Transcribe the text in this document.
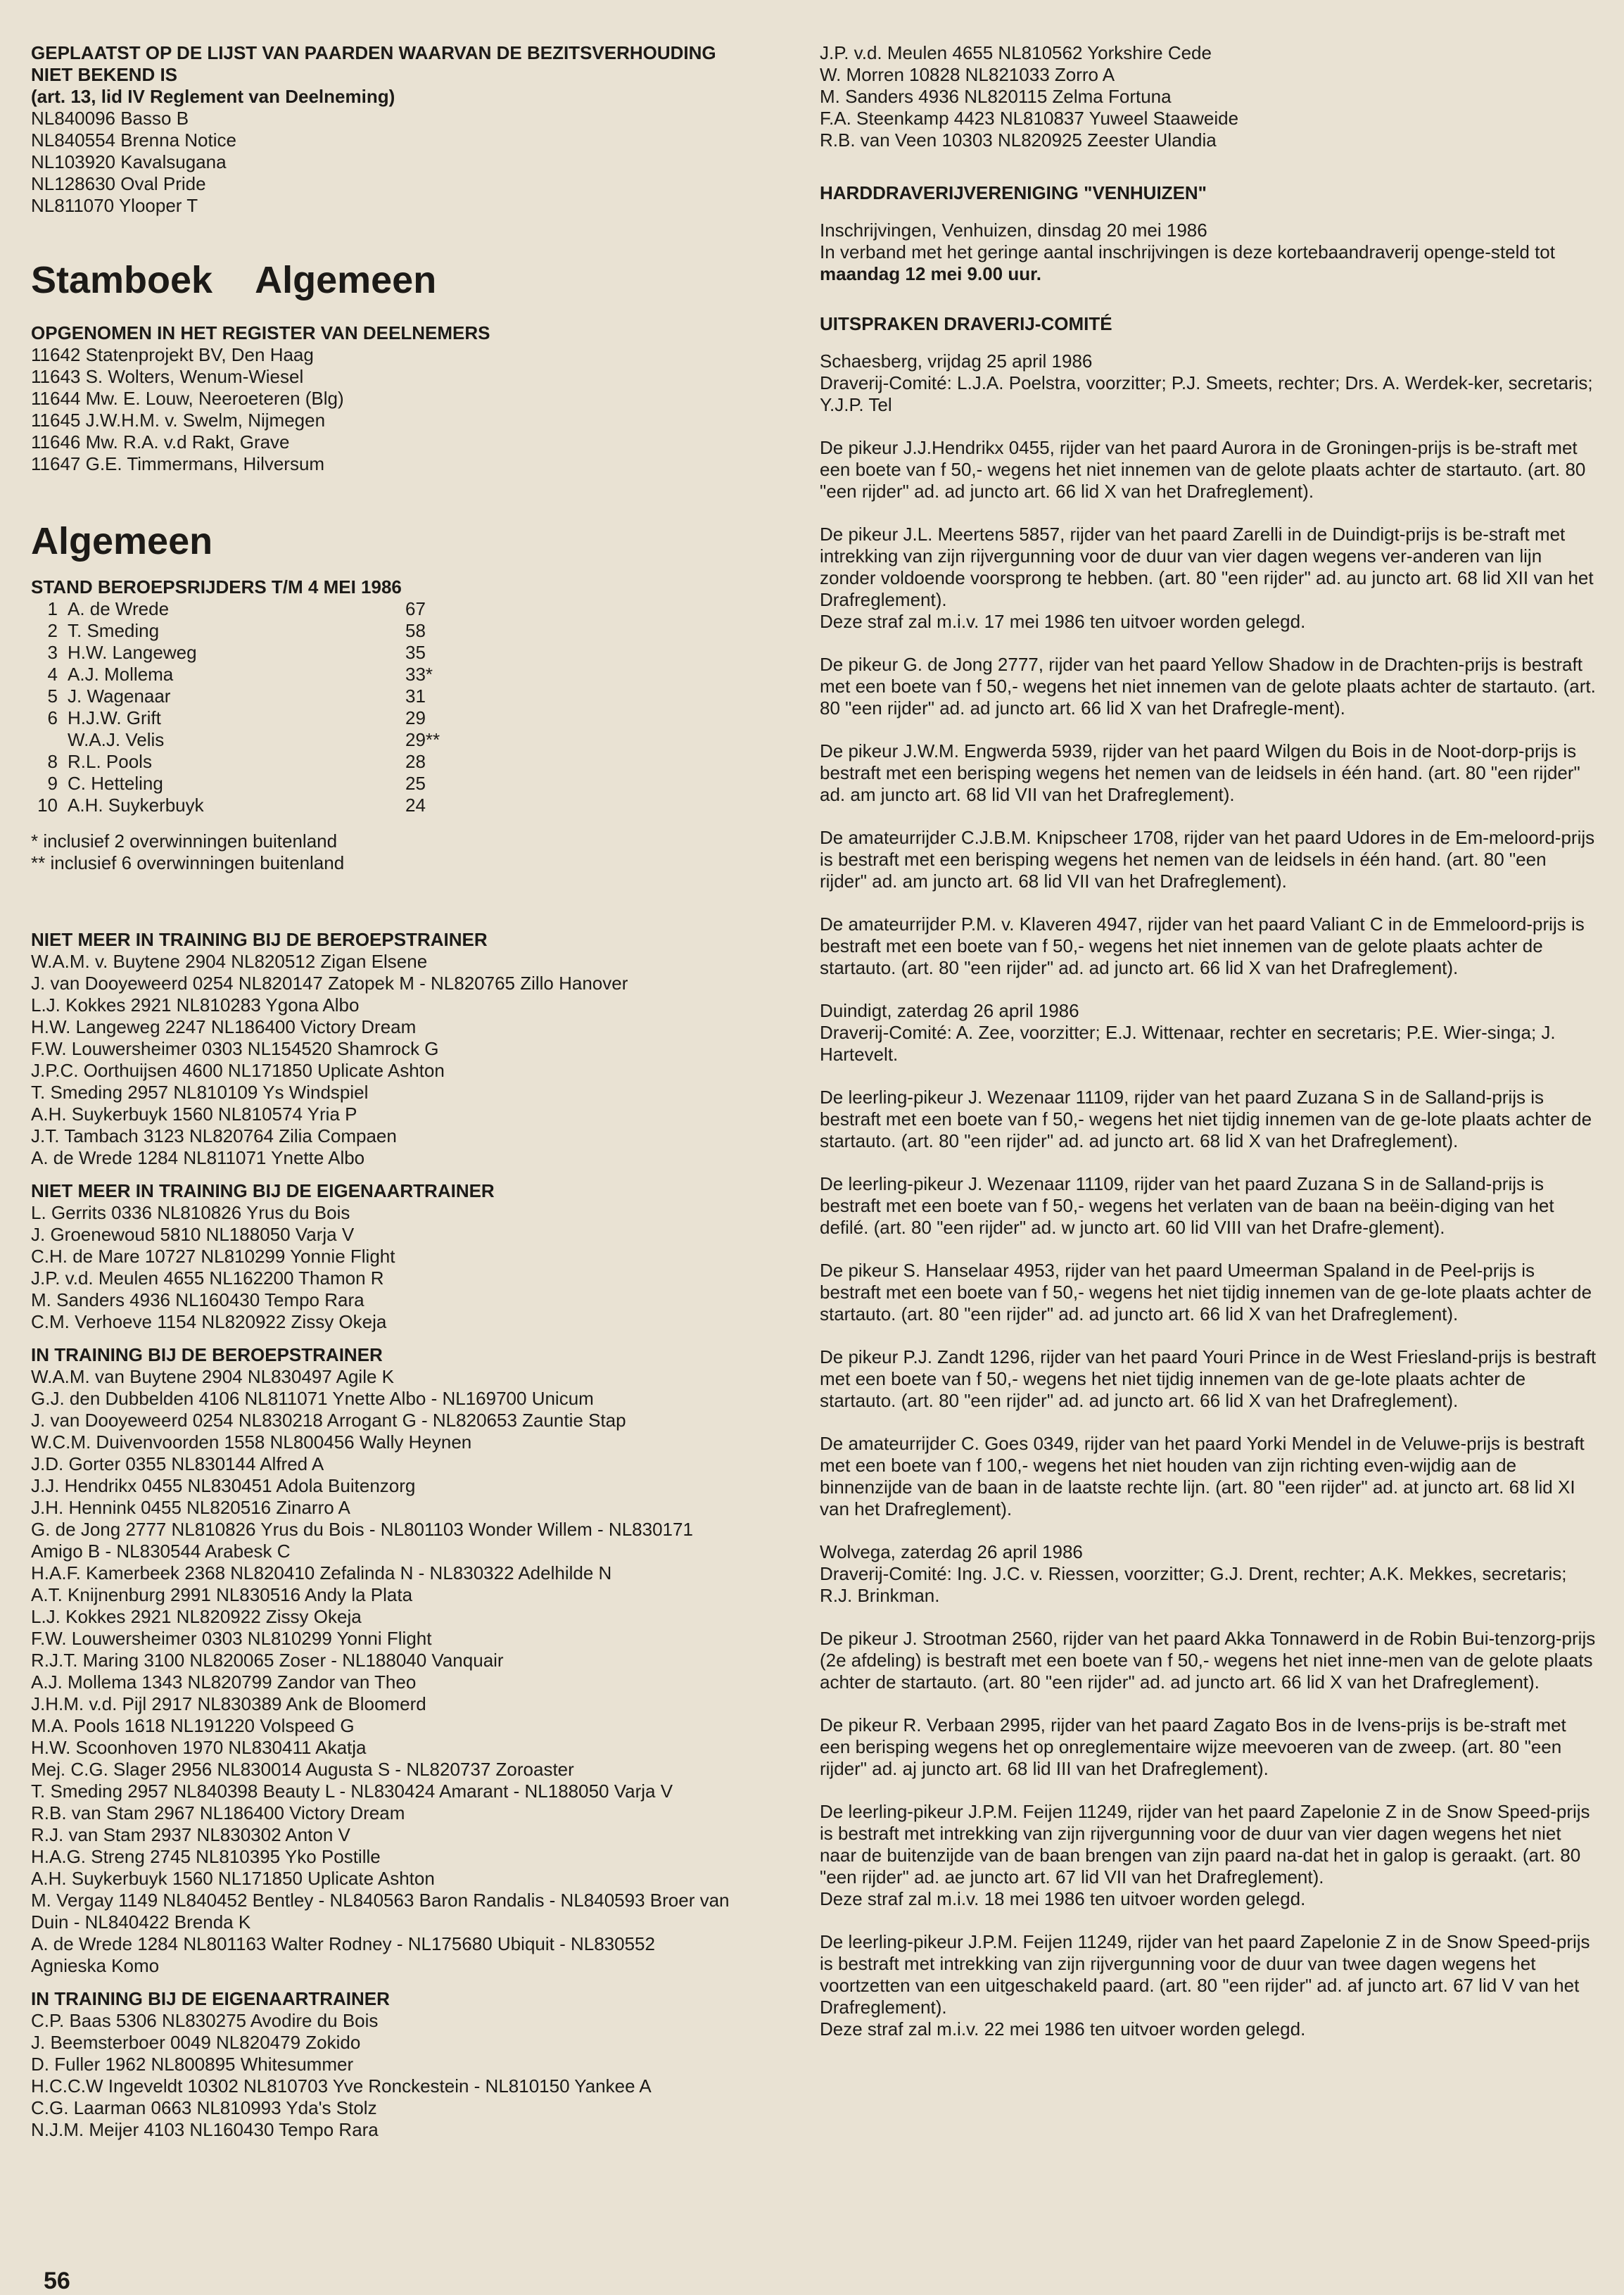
GEPLAATST OP DE LIJST VAN PAARDEN WAARVAN DE BEZITSVERHOUDING
NIET BEKEND IS
(art. 13, lid IV Reglement van Deelneming)
NL840096 Basso B
NL840554 Brenna Notice
NL103920 Kavalsugana
NL128630 Oval Pride
NL811070 Ylooper T
Stamboek Algemeen
OPGENOMEN IN HET REGISTER VAN DEELNEMERS
11642 Statenprojekt BV, Den Haag
11643 S. Wolters, Wenum-Wiesel
11644 Mw. E. Louw, Neeroeteren (Blg)
11645 J.W.H.M. v. Swelm, Nijmegen
11646 Mw. R.A. v.d Rakt, Grave
11647 G.E. Timmermans, Hilversum
Algemeen
STAND BEROEPSRIJDERS T/M 4 MEI 1986
1 A. de Wrede	67
2 T. Smeding	58
3 H.W. Langeweg	35
4 A.J. Mollema	33*
5 J. Wagenaar	31
6 H.J.W. Grift	29
W.A.J. Velis	29**
8 R.L. Pools	28
9 C. Hetteling	25
10 A.H. Suykerbuyk	24
* inclusief 2 overwinningen buitenland
** inclusief 6 overwinningen buitenland
NIET MEER IN TRAINING BIJ DE BEROEPSTRAINER
W.A.M. v. Buytene 2904 NL820512 Zigan Elsene
J. van Dooyeweerd 0254 NL820147 Zatopek M - NL820765 Zillo Hanover
L.J. Kokkes 2921 NL810283 Ygona Albo
H.W. Langeweg 2247 NL186400 Victory Dream
F.W. Louwersheimer 0303 NL154520 Shamrock G
J.P.C. Oorthuijsen 4600 NL171850 Uplicate Ashton
T. Smeding 2957 NL810109 Ys Windspiel
A.H. Suykerbuyk 1560 NL810574 Yria P
J.T. Tambach 3123 NL820764 Zilia Compaen
A. de Wrede 1284 NL811071 Ynette Albo
NIET MEER IN TRAINING BIJ DE EIGENAARTRAINER
L. Gerrits 0336 NL810826 Yrus du Bois
J. Groenewoud 5810 NL188050 Varja V
C.H. de Mare 10727 NL810299 Yonnie Flight
J.P. v.d. Meulen 4655 NL162200 Thamon R
M. Sanders 4936 NL160430 Tempo Rara
C.M. Verhoeve 1154 NL820922 Zissy Okeja
IN TRAINING BIJ DE BEROEPSTRAINER
W.A.M. van Buytene 2904 NL830497 Agile K
G.J. den Dubbelden 4106 NL811071 Ynette Albo - NL169700 Unicum
J. van Dooyeweerd 0254 NL830218 Arrogant G - NL820653 Zauntie Stap
W.C.M. Duivenvoorden 1558 NL800456 Wally Heynen
J.D. Gorter 0355 NL830144 Alfred A
J.J. Hendrikx 0455 NL830451 Adola Buitenzorg
J.H. Hennink 0455 NL820516 Zinarro A
G. de Jong 2777 NL810826 Yrus du Bois - NL801103 Wonder Willem - NL830171
Amigo B - NL830544 Arabesk C
H.A.F. Kamerbeek 2368 NL820410 Zefalinda N - NL830322 Adelhilde N
A.T. Knijnenburg 2991 NL830516 Andy la Plata
L.J. Kokkes 2921 NL820922 Zissy Okeja
F.W. Louwersheimer 0303 NL810299 Yonni Flight
R.J.T. Maring 3100 NL820065 Zoser - NL188040 Vanquair
A.J. Mollema 1343 NL820799 Zandor van Theo
J.H.M. v.d. Pijl 2917 NL830389 Ank de Bloomerd
M.A. Pools 1618 NL191220 Volspeed G
H.W. Scoonhoven 1970 NL830411 Akatja
Mej. C.G. Slager 2956 NL830014 Augusta S - NL820737 Zoroaster
T. Smeding 2957 NL840398 Beauty L - NL830424 Amarant - NL188050 Varja V
R.B. van Stam 2967 NL186400 Victory Dream
R.J. van Stam 2937 NL830302 Anton V
H.A.G. Streng 2745 NL810395 Yko Postille
A.H. Suykerbuyk 1560 NL171850 Uplicate Ashton
M. Vergay 1149 NL840452 Bentley - NL840563 Baron Randalis - NL840593 Broer van
Duin - NL840422 Brenda K
A. de Wrede 1284 NL801163 Walter Rodney - NL175680 Ubiquit - NL830552
Agnieska Komo
IN TRAINING BIJ DE EIGENAARTRAINER
C.P. Baas 5306 NL830275 Avodire du Bois
J. Beemsterboer 0049 NL820479 Zokido
D. Fuller 1962 NL800895 Whitesummer
H.C.C.W Ingeveldt 10302 NL810703 Yve Ronckestein - NL810150 Yankee A
C.G. Laarman 0663 NL810993 Yda's Stolz
N.J.M. Meijer 4103 NL160430 Tempo Rara
J.P. v.d. Meulen 4655 NL810562 Yorkshire Cede
W. Morren 10828 NL821033 Zorro A
M. Sanders 4936 NL820115 Zelma Fortuna
F.A. Steenkamp 4423 NL810837 Yuweel Staaweide
R.B. van Veen 10303 NL820925 Zeester Ulandia
HARDDRAVERIJVERENIGING "VENHUIZEN"
Inschrijvingen, Venhuizen, dinsdag 20 mei 1986
In verband met het geringe aantal inschrijvingen is deze kortebaandraverij openge-steld tot maandag 12 mei 9.00 uur.
UITSPRAKEN DRAVERIJ-COMITÉ
Schaesberg, vrijdag 25 april 1986
Draverij-Comité: L.J.A. Poelstra, voorzitter; P.J. Smeets, rechter; Drs. A. Werdek-ker, secretaris; Y.J.P. Tel
De pikeur J.J.Hendrikx 0455, rijder van het paard Aurora in de Groningen-prijs is be-straft met een boete van f 50,- wegens het niet innemen van de gelote plaats achter de startauto. (art. 80 "een rijder" ad. ad juncto art. 66 lid X van het Drafreglement).
De pikeur J.L. Meertens 5857, rijder van het paard Zarelli in de Duindigt-prijs is be-straft met intrekking van zijn rijvergunning voor de duur van vier dagen wegens ver-anderen van lijn zonder voldoende voorsprong te hebben. (art. 80 "een rijder" ad. au juncto art. 68 lid XII van het Drafreglement).
Deze straf zal m.i.v. 17 mei 1986 ten uitvoer worden gelegd.
De pikeur G. de Jong 2777, rijder van het paard Yellow Shadow in de Drachten-prijs is bestraft met een boete van f 50,- wegens het niet innemen van de gelote plaats achter de startauto. (art. 80 "een rijder" ad. ad juncto art. 66 lid X van het Drafregle-ment).
De pikeur J.W.M. Engwerda 5939, rijder van het paard Wilgen du Bois in de Noot-dorp-prijs is bestraft met een berisping wegens het nemen van de leidsels in één hand. (art. 80 "een rijder" ad. am juncto art. 68 lid VII van het Drafreglement).
De amateurrijder C.J.B.M. Knipscheer 1708, rijder van het paard Udores in de Em-meloord-prijs is bestraft met een berisping wegens het nemen van de leidsels in één hand. (art. 80 "een rijder" ad. am juncto art. 68 lid VII van het Drafreglement).
De amateurrijder P.M. v. Klaveren 4947, rijder van het paard Valiant C in de Emmeloord-prijs is bestraft met een boete van f 50,- wegens het niet innemen van de gelote plaats achter de startauto. (art. 80 "een rijder" ad. ad juncto art. 66 lid X van het Drafreglement).
Duindigt, zaterdag 26 april 1986
Draverij-Comité: A. Zee, voorzitter; E.J. Wittenaar, rechter en secretaris; P.E. Wier-singa; J. Hartevelt.
De leerling-pikeur J. Wezenaar 11109, rijder van het paard Zuzana S in de Salland-prijs is bestraft met een boete van f 50,- wegens het niet tijdig innemen van de ge-lote plaats achter de startauto. (art. 80 "een rijder" ad. ad juncto art. 68 lid X van het Drafreglement).
De leerling-pikeur J. Wezenaar 11109, rijder van het paard Zuzana S in de Salland-prijs is bestraft met een boete van f 50,- wegens het verlaten van de baan na beëin-diging van het defilé. (art. 80 "een rijder" ad. w juncto art. 60 lid VIII van het Drafre-glement).
De pikeur S. Hanselaar 4953, rijder van het paard Umeerman Spaland in de Peel-prijs is bestraft met een boete van f 50,- wegens het niet tijdig innemen van de ge-lote plaats achter de startauto. (art. 80 "een rijder" ad. ad juncto art. 66 lid X van het Drafreglement).
De pikeur P.J. Zandt 1296, rijder van het paard Youri Prince in de West Friesland-prijs is bestraft met een boete van f 50,- wegens het niet tijdig innemen van de ge-lote plaats achter de startauto. (art. 80 "een rijder" ad. ad juncto art. 66 lid X van het Drafreglement).
De amateurrijder C. Goes 0349, rijder van het paard Yorki Mendel in de Veluwe-prijs is bestraft met een boete van f 100,- wegens het niet houden van zijn richting even-wijdig aan de binnenzijde van de baan in de laatste rechte lijn. (art. 80 "een rijder" ad. at juncto art. 68 lid XI van het Drafreglement).
Wolvega, zaterdag 26 april 1986
Draverij-Comité: Ing. J.C. v. Riessen, voorzitter; G.J. Drent, rechter; A.K. Mekkes, secretaris; R.J. Brinkman.
De pikeur J. Strootman 2560, rijder van het paard Akka Tonnawerd in de Robin Bui-tenzorg-prijs (2e afdeling) is bestraft met een boete van f 50,- wegens het niet inne-men van de gelote plaats achter de startauto. (art. 80 "een rijder" ad. ad juncto art. 66 lid X van het Drafreglement).
De pikeur R. Verbaan 2995, rijder van het paard Zagato Bos in de Ivens-prijs is be-straft met een berisping wegens het op onreglementaire wijze meevoeren van de zweep. (art. 80 "een rijder" ad. aj juncto art. 68 lid III van het Drafreglement).
De leerling-pikeur J.P.M. Feijen 11249, rijder van het paard Zapelonie Z in de Snow Speed-prijs is bestraft met intrekking van zijn rijvergunning voor de duur van vier dagen wegens het niet naar de buitenzijde van de baan brengen van zijn paard na-dat het in galop is geraakt. (art. 80 "een rijder" ad. ae juncto art. 67 lid VII van het Drafreglement).
Deze straf zal m.i.v. 18 mei 1986 ten uitvoer worden gelegd.
De leerling-pikeur J.P.M. Feijen 11249, rijder van het paard Zapelonie Z in de Snow Speed-prijs is bestraft met intrekking van zijn rijvergunning voor de duur van twee dagen wegens het voortzetten van een uitgeschakeld paard. (art. 80 "een rijder" ad. af juncto art. 67 lid V van het Drafreglement).
Deze straf zal m.i.v. 22 mei 1986 ten uitvoer worden gelegd.
56
